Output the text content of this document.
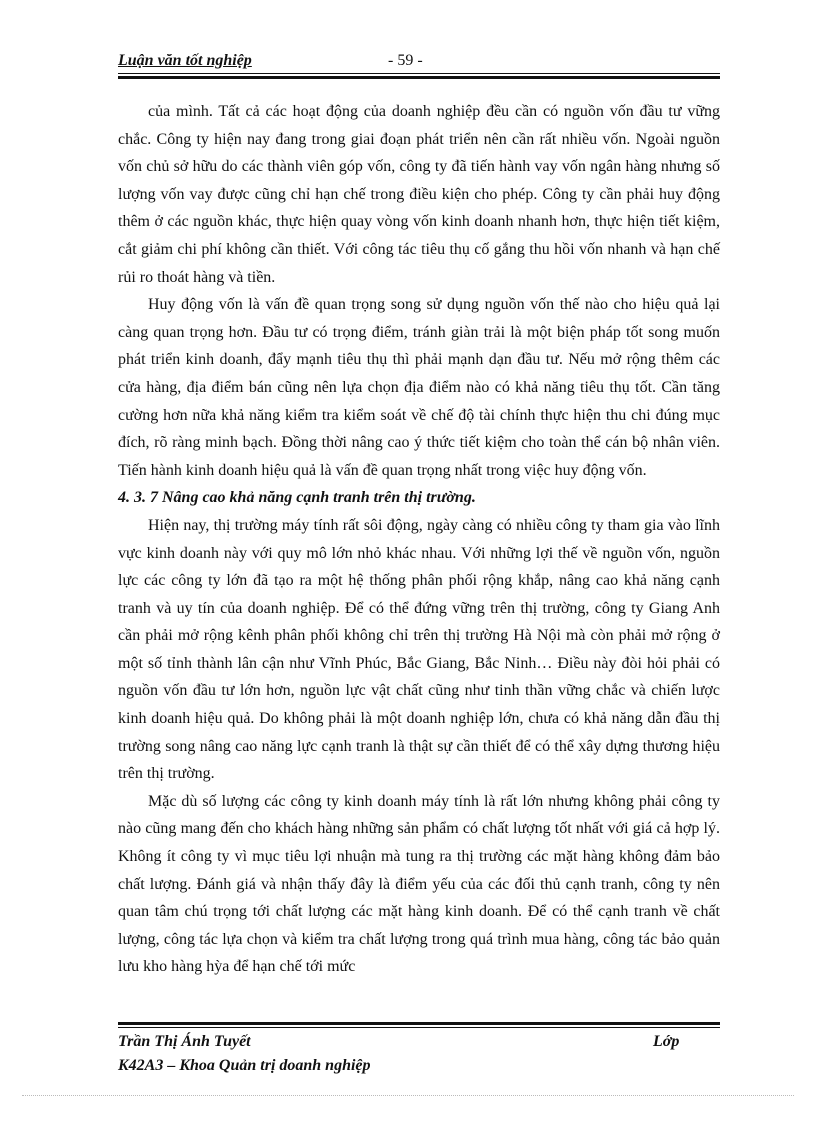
Luận văn tốt nghiệp	- 59 -

của mình. Tất cả các hoạt động của doanh nghiệp đều cần có nguồn vốn đầu tư vững chắc. Công ty hiện nay đang trong giai đoạn phát triển nên cần rất nhiều vốn. Ngoài nguồn vốn chủ sở hữu do các thành viên góp vốn, công ty đã tiến hành vay vốn ngân hàng nhưng số lượng vốn vay được cũng chỉ hạn chế trong điều kiện cho phép. Công ty cần phải huy động thêm ở các nguồn khác, thực hiện quay vòng vốn kinh doanh nhanh hơn, thực hiện tiết kiệm, cắt giảm chi phí không cần thiết. Với công tác tiêu thụ cố gắng thu hồi vốn nhanh và hạn chế rủi ro thoát hàng và tiền.

Huy động vốn là vấn đề quan trọng song sử dụng nguồn vốn thế nào cho hiệu quả lại càng quan trọng hơn. Đầu tư có trọng điểm, tránh giàn trải là một biện pháp tốt song muốn phát triển kinh doanh, đẩy mạnh tiêu thụ thì phải mạnh dạn đầu tư. Nếu mở rộng thêm các cửa hàng, địa điểm bán cũng nên lựa chọn địa điểm nào có khả năng tiêu thụ tốt. Cần tăng cường hơn nữa khả năng kiểm tra kiểm soát về chế độ tài chính thực hiện thu chi đúng mục đích, rõ ràng minh bạch. Đồng thời nâng cao ý thức tiết kiệm cho toàn thể cán bộ nhân viên. Tiến hành kinh doanh hiệu quả là vấn đề quan trọng nhất trong việc huy động vốn.

4. 3. 7 Nâng cao khả năng cạnh tranh trên thị trường.

Hiện nay, thị trường máy tính rất sôi động, ngày càng có nhiều công ty tham gia vào lĩnh vực kinh doanh này với quy mô lớn nhỏ khác nhau. Với những lợi thế về nguồn vốn, nguồn lực các công ty lớn đã tạo ra một hệ thống phân phối rộng khắp, nâng cao khả năng cạnh tranh và uy tín của doanh nghiệp. Để có thể đứng vững trên thị trường, công ty Giang Anh cần phải mở rộng kênh phân phối không chỉ trên thị trường Hà Nội mà còn phải mở rộng ở một số tỉnh thành lân cận như Vĩnh Phúc, Bắc Giang, Bắc Ninh… Điều này đòi hỏi phải có nguồn vốn đầu tư lớn hơn, nguồn lực vật chất cũng như tinh thần vững chắc và chiến lược kinh doanh hiệu quả. Do không phải là một doanh nghiệp lớn, chưa có khả năng dẫn đầu thị trường song nâng cao năng lực cạnh tranh là thật sự cần thiết để có thể xây dựng thương hiệu trên thị trường.

Mặc dù số lượng các công ty kinh doanh máy tính là rất lớn nhưng không phải công ty nào cũng mang đến cho khách hàng những sản phẩm có chất lượng tốt nhất với giá cả hợp lý. Không ít công ty vì mục tiêu lợi nhuận mà tung ra thị trường các mặt hàng không đảm bảo chất lượng. Đánh giá và nhận thấy đây là điểm yếu của các đối thủ cạnh tranh, công ty nên quan tâm chú trọng tới chất lượng các mặt hàng kinh doanh. Để có thể cạnh tranh về chất lượng, công tác lựa chọn và kiểm tra chất lượng trong quá trình mua hàng, công tác bảo quản lưu kho hàng hỳa để hạn chế tới mức

Trần Thị Ánh Tuyết	Lớp
K42A3 – Khoa Quản trị doanh nghiệp
